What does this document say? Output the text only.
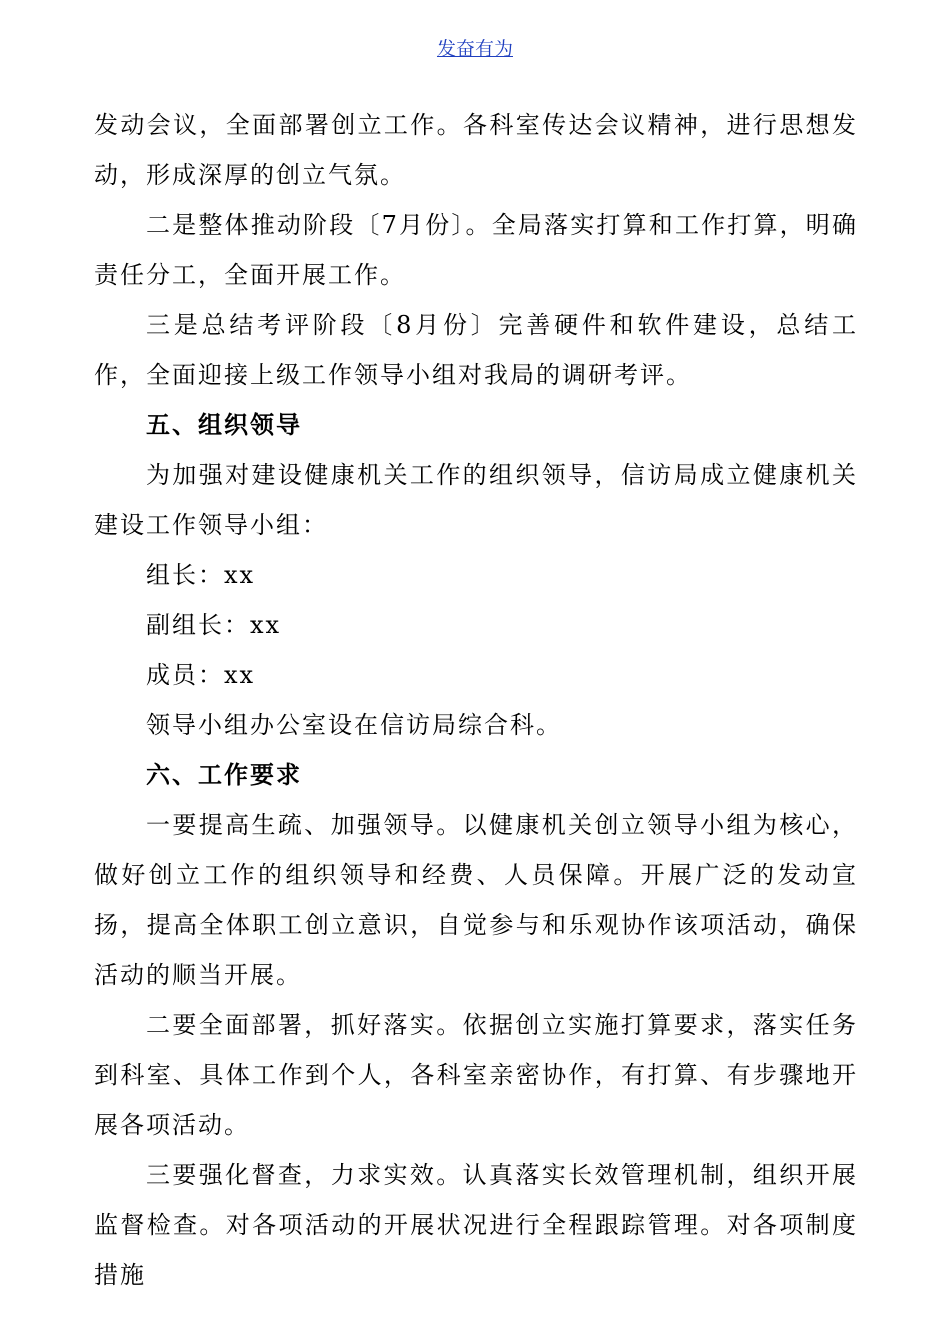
发奋有为

发动会议，全面部署创立工作。各科室传达会议精神，进行思想发动，形成深厚的创立气氛。

二是整体推动阶段〔7月份〕。全局落实打算和工作打算，明确责任分工，全面开展工作。

三是总结考评阶段〔8月份〕完善硬件和软件建设，总结工作，全面迎接上级工作领导小组对我局的调研考评。

五、组织领导

为加强对建设健康机关工作的组织领导，信访局成立健康机关建设工作领导小组：

组长：xx

副组长：xx

成员：xx

领导小组办公室设在信访局综合科。

六、工作要求

一要提高生疏、加强领导。以健康机关创立领导小组为核心，做好创立工作的组织领导和经费、人员保障。开展广泛的发动宣扬，提高全体职工创立意识，自觉参与和乐观协作该项活动，确保活动的顺当开展。

二要全面部署，抓好落实。依据创立实施打算要求，落实任务到科室、具体工作到个人，各科室亲密协作，有打算、有步骤地开展各项活动。

三要强化督查，力求实效。认真落实长效管理机制，组织开展监督检查。对各项活动的开展状况进行全程跟踪管理。对各项制度措施
